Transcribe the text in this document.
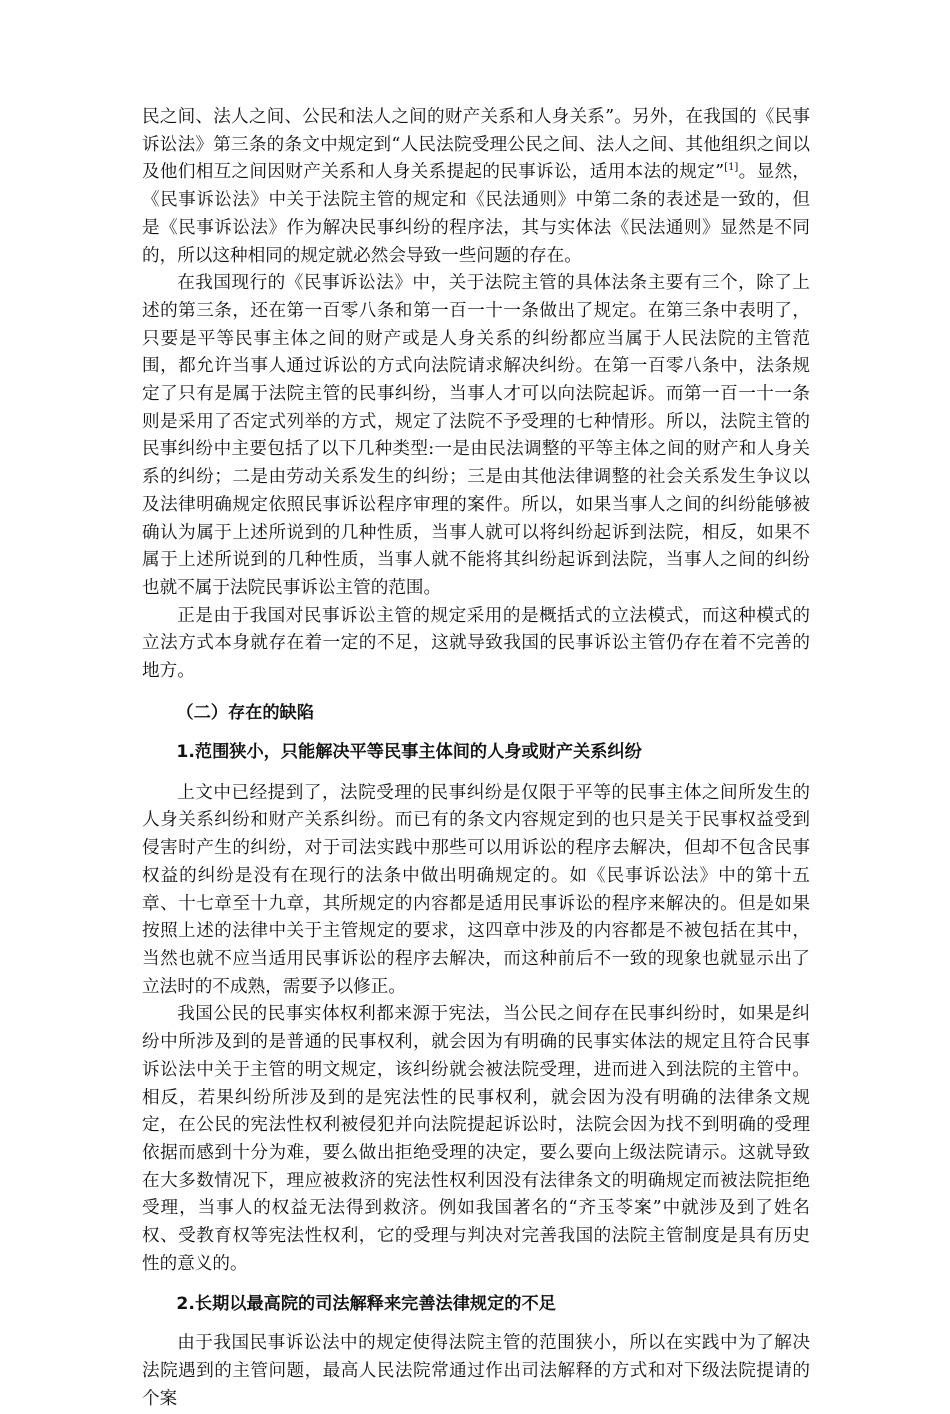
民之间、法人之间、公民和法人之间的财产关系和人身关系”。另外，在我国的《民事诉讼法》第三条的条文中规定到“人民法院受理公民之间、法人之间、其他组织之间以及他们相互之间因财产关系和人身关系提起的民事诉讼，适用本法的规定”[1]。显然，《民事诉讼法》中关于法院主管的规定和《民法通则》中第二条的表述是一致的，但是《民事诉讼法》作为解决民事纠纷的程序法，其与实体法《民法通则》显然是不同的，所以这种相同的规定就必然会导致一些问题的存在。

在我国现行的《民事诉讼法》中，关于法院主管的具体法条主要有三个，除了上述的第三条，还在第一百零八条和第一百一十一条做出了规定。在第三条中表明了，只要是平等民事主体之间的财产或是人身关系的纠纷都应当属于人民法院的主管范围，都允许当事人通过诉讼的方式向法院请求解决纠纷。在第一百零八条中，法条规定了只有是属于法院主管的民事纠纷，当事人才可以向法院起诉。而第一百一十一条则是采用了否定式列举的方式，规定了法院不予受理的七种情形。所以，法院主管的民事纠纷中主要包括了以下几种类型:一是由民法调整的平等主体之间的财产和人身关系的纠纷；二是由劳动关系发生的纠纷；三是由其他法律调整的社会关系发生争议以及法律明确规定依照民事诉讼程序审理的案件。所以，如果当事人之间的纠纷能够被确认为属于上述所说到的几种性质，当事人就可以将纠纷起诉到法院，相反，如果不属于上述所说到的几种性质，当事人就不能将其纠纷起诉到法院，当事人之间的纠纷也就不属于法院民事诉讼主管的范围。

正是由于我国对民事诉讼主管的规定采用的是概括式的立法模式，而这种模式的立法方式本身就存在着一定的不足，这就导致我国的民事诉讼主管仍存在着不完善的地方。

（二）存在的缺陷
1.范围狭小，只能解决平等民事主体间的人身或财产关系纠纷

上文中已经提到了，法院受理的民事纠纷是仅限于平等的民事主体之间所发生的人身关系纠纷和财产关系纠纷。而已有的条文内容规定到的也只是关于民事权益受到侵害时产生的纠纷，对于司法实践中那些可以用诉讼的程序去解决，但却不包含民事权益的纠纷是没有在现行的法条中做出明确规定的。如《民事诉讼法》中的第十五章、十七章至十九章，其所规定的内容都是适用民事诉讼的程序来解决的。但是如果按照上述的法律中关于主管规定的要求，这四章中涉及的内容都是不被包括在其中，当然也就不应当适用民事诉讼的程序去解决，而这种前后不一致的现象也就显示出了立法时的不成熟，需要予以修正。

我国公民的民事实体权利都来源于宪法，当公民之间存在民事纠纷时，如果是纠纷中所涉及到的是普通的民事权利，就会因为有明确的民事实体法的规定且符合民事诉讼法中关于主管的明文规定，该纠纷就会被法院受理，进而进入到法院的主管中。相反，若果纠纷所涉及到的是宪法性的民事权利，就会因为没有明确的法律条文规定，在公民的宪法性权利被侵犯并向法院提起诉讼时，法院会因为找不到明确的受理依据而感到十分为难，要么做出拒绝受理的决定，要么要向上级法院请示。这就导致在大多数情况下，理应被救济的宪法性权利因没有法律条文的明确规定而被法院拒绝受理，当事人的权益无法得到救济。例如我国著名的“齐玉苓案”中就涉及到了姓名权、受教育权等宪法性权利，它的受理与判决对完善我国的法院主管制度是具有历史性的意义的。

2.长期以最高院的司法解释来完善法律规定的不足

由于我国民事诉讼法中的规定使得法院主管的范围狭小，所以在实践中为了解决法院遇到的主管问题，最高人民法院常通过作出司法解释的方式和对下级法院提请的个案
